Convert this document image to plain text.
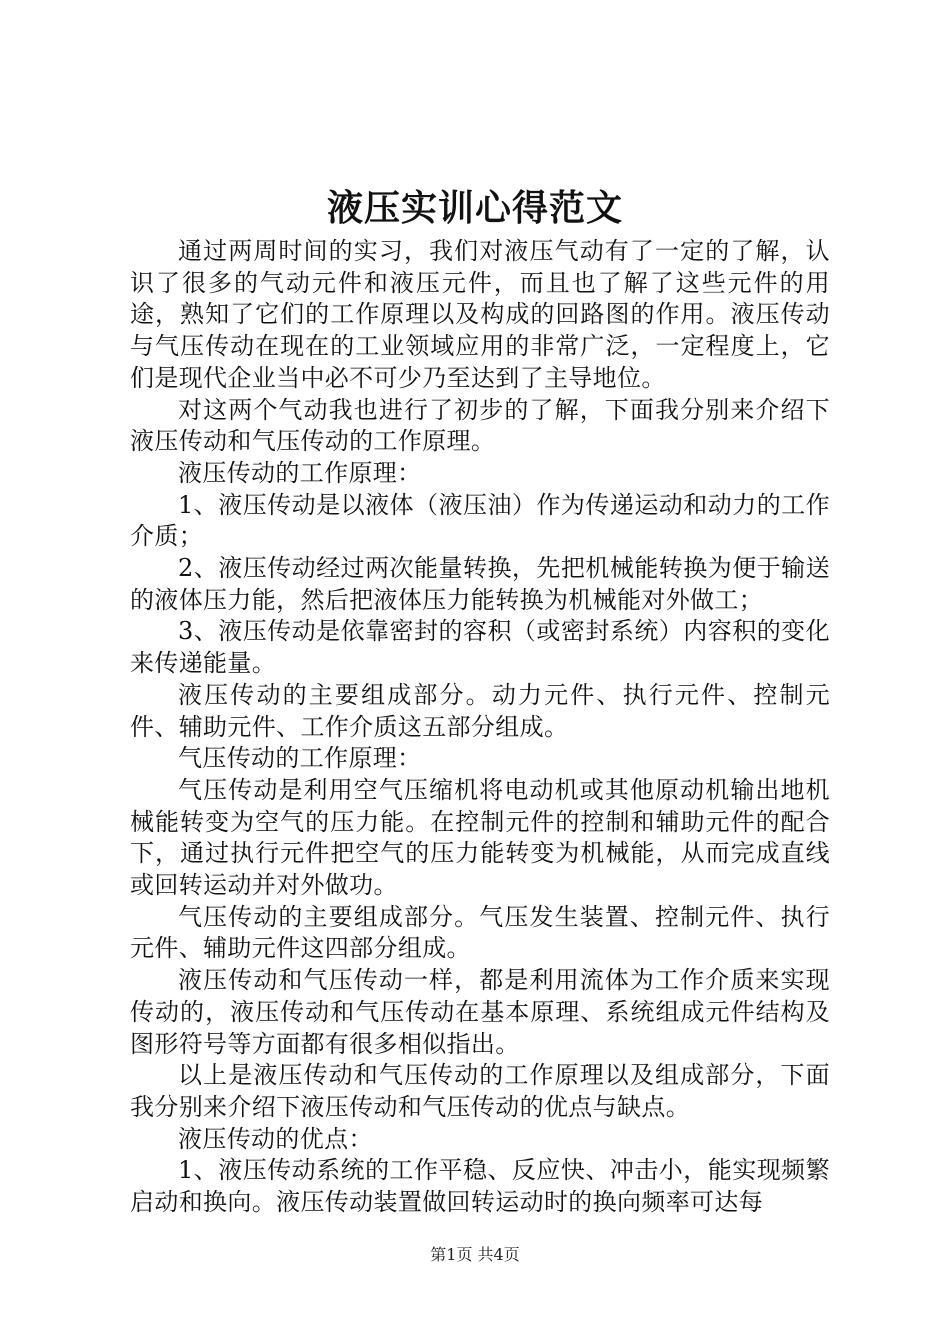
液压实训心得范文

通过两周时间的实习，我们对液压气动有了一定的了解，认识了很多的气动元件和液压元件，而且也了解了这些元件的用途，熟知了它们的工作原理以及构成的回路图的作用。液压传动与气压传动在现在的工业领域应用的非常广泛，一定程度上，它们是现代企业当中必不可少乃至达到了主导地位。

对这两个气动我也进行了初步的了解，下面我分别来介绍下液压传动和气压传动的工作原理。

液压传动的工作原理：

1、液压传动是以液体（液压油）作为传递运动和动力的工作介质；

2、液压传动经过两次能量转换，先把机械能转换为便于输送的液体压力能，然后把液体压力能转换为机械能对外做工；

3、液压传动是依靠密封的容积（或密封系统）内容积的变化来传递能量。

液压传动的主要组成部分。动力元件、执行元件、控制元件、辅助元件、工作介质这五部分组成。

气压传动的工作原理：

气压传动是利用空气压缩机将电动机或其他原动机输出地机械能转变为空气的压力能。在控制元件的控制和辅助元件的配合下，通过执行元件把空气的压力能转变为机械能，从而完成直线或回转运动并对外做功。

气压传动的主要组成部分。气压发生装置、控制元件、执行元件、辅助元件这四部分组成。

液压传动和气压传动一样，都是利用流体为工作介质来实现传动的，液压传动和气压传动在基本原理、系统组成元件结构及图形符号等方面都有很多相似指出。

以上是液压传动和气压传动的工作原理以及组成部分，下面我分别来介绍下液压传动和气压传动的优点与缺点。

液压传动的优点：

1、液压传动系统的工作平稳、反应快、冲击小，能实现频繁启动和换向。液压传动装置做回转运动时的换向频率可达每

第1页 共4页
